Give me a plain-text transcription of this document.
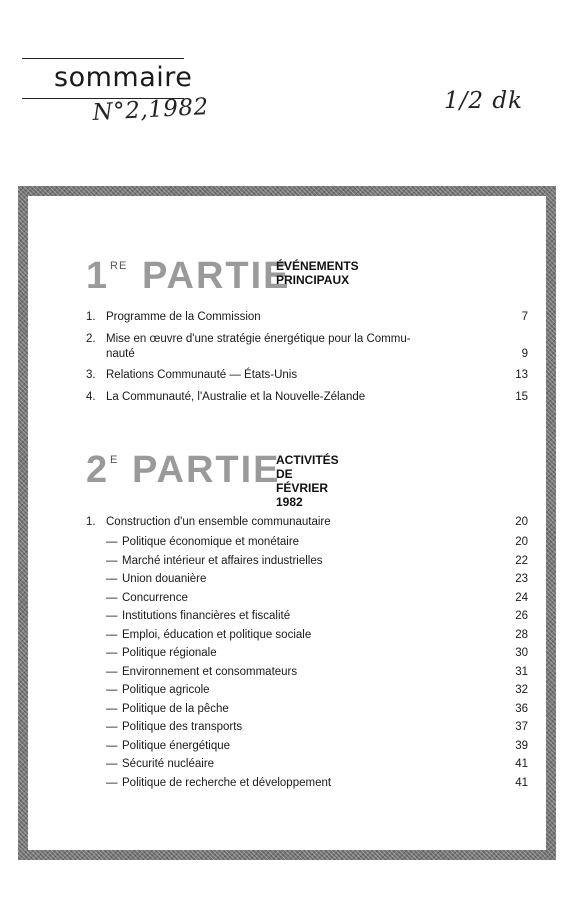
sommaire
N°2,1982	1/2 dk
1 RE PARTIE
ÉVÉNEMENTS
PRINCIPAUX
1. Programme de la Commission	7
2. Mise en œuvre d'une stratégie énergétique pour la Commu-
nauté	9
3. Relations Communauté — États-Unis	13
4. La Communauté, l'Australie et la Nouvelle-Zélande	15
2 E PARTIE
ACTIVITÉS
DE FÉVRIER 1982
1. Construction d'un ensemble communautaire	20
— Politique économique et monétaire	20
— Marché intérieur et affaires industrielles	22
— Union douanière	23
— Concurrence	24
— Institutions financières et fiscalité	26
— Emploi, éducation et politique sociale	28
— Politique régionale	30
— Environnement et consommateurs	31
— Politique agricole	32
— Politique de la pêche	36
— Politique des transports	37
— Politique énergétique	39
— Sécurité nucléaire	41
— Politique de recherche et développement	41
